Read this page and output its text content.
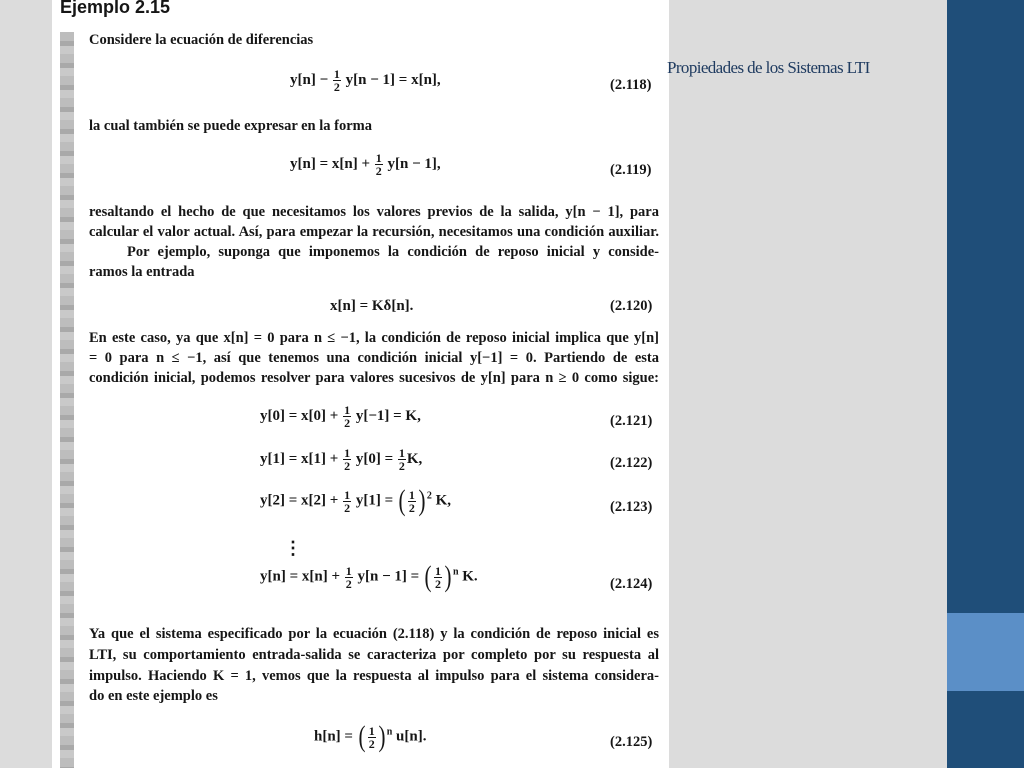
Ejemplo 2.15
Considere la ecuación de diferencias
$y[n] - \frac{1}{2} y[n - 1] = x[n]$,	(2.118)
la cual también se puede expresar en la forma
$y[n] = x[n] + \frac{1}{2} y[n - 1]$,	(2.119)
resaltando el hecho de que necesitamos los valores previos de la salida, y[n − 1], para
calcular el valor actual. Así, para empezar la recursión, necesitamos una condición auxiliar.
Por ejemplo, suponga que imponemos la condición de reposo inicial y conside-
ramos la entrada
x[n] = Kδ[n].	(2.120)
En este caso, ya que x[n] = 0 para n ≤ −1, la condición de reposo inicial implica que y[n]
= 0 para n ≤ −1, así que tenemos una condición inicial y[−1] = 0. Partiendo de esta
condición inicial, podemos resolver para valores sucesivos de y[n] para n ≥ 0 como sigue:
$y[0] = x[0] + \frac{1}{2} y[-1] = K$,	(2.121)
$y[1] = x[1] + \frac{1}{2} y[0] = \frac{1}{2} K$,	(2.122)
$y[2] = x[2] + \frac{1}{2} y[1]$ = ( $\frac{1}{2}$ ) $^2$ K,	(2.123)
⋮
$y[n] = x[n] + \frac{1}{2} y[n - 1]$ = ( $\frac{1}{2}$ ) $^n$ K.	(2.124)
Ya que el sistema especificado por la ecuación (2.118) y la condición de reposo inicial es
LTI, su comportamiento entrada-salida se caracteriza por completo por su respuesta al
impulso. Haciendo K = 1, vemos que la respuesta al impulso para el sistema considera-
do en este ejemplo es
h[n] = ( $\frac{1}{2}$ ) $^n$ u[n].	(2.125)
Propiedades de los Sistemas LTI
